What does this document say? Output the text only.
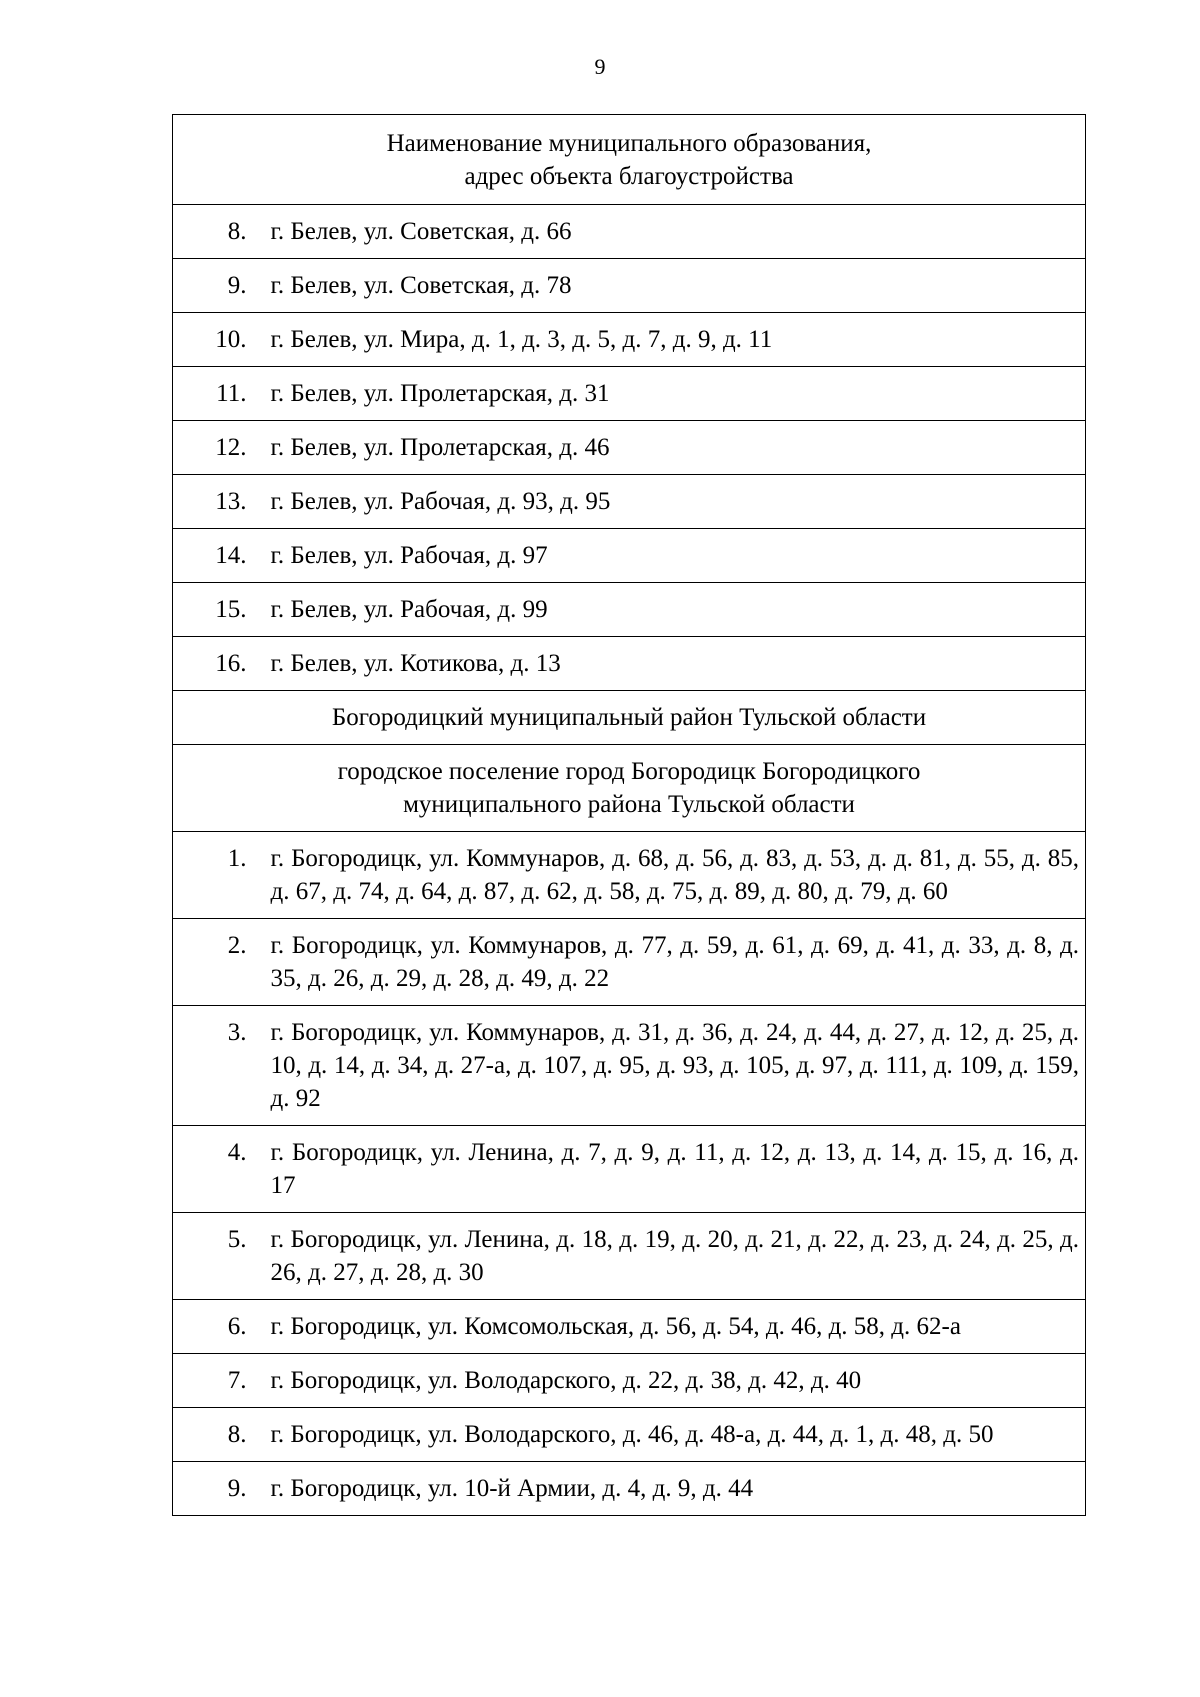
9
Наименование муниципального образования,
адрес объекта благоустройства	

8.	г. Белев, ул. Советская, д. 66
9.	г. Белев, ул. Советская, д. 78
10.	г. Белев, ул. Мира, д. 1, д. 3, д. 5, д. 7, д. 9, д. 11
11.	г. Белев, ул. Пролетарская, д. 31
12.	г. Белев, ул. Пролетарская, д. 46
13.	г. Белев, ул. Рабочая, д. 93, д. 95
14.	г. Белев, ул. Рабочая, д. 97
15.	г. Белев, ул. Рабочая, д. 99
16.	г. Белев, ул. Котикова, д. 13

Богородицкий муниципальный район Тульской области	

городское поселение город Богородицк Богородицкого
муниципального района Тульской области	

1.	г. Богородицк, ул. Коммунаров, д. 68, д. 56, д. 83, д. 53, д. д. 81, д. 55, д. 85, д. 67, д. 74, д. 64, д. 87, д. 62, д. 58, д. 75, д. 89, д. 80, д. 79, д. 60
2.	г. Богородицк, ул. Коммунаров, д. 77, д. 59, д. 61, д. 69, д. 41, д. 33, д. 8, д. 35, д. 26, д. 29, д. 28, д. 49, д. 22
3.	г. Богородицк, ул. Коммунаров, д. 31, д. 36, д. 24, д. 44, д. 27, д. 12, д. 25, д. 10, д. 14, д. 34, д. 27-а, д. 107, д. 95, д. 93, д. 105, д. 97, д. 111, д. 109, д. 159, д. 92
4.	г. Богородицк, ул. Ленина, д. 7, д. 9, д. 11, д. 12, д. 13, д. 14, д. 15, д. 16, д. 17
5.	г. Богородицк, ул. Ленина, д. 18, д. 19, д. 20, д. 21, д. 22, д. 23, д. 24, д. 25, д. 26, д. 27, д. 28, д. 30
6.	г. Богородицк, ул. Комсомольская, д. 56, д. 54, д. 46, д. 58, д. 62-а
7.	г. Богородицк, ул. Володарского, д. 22, д. 38, д. 42, д. 40
8.	г. Богородицк, ул. Володарского, д. 46, д. 48-а, д. 44, д. 1, д. 48, д. 50
9.	г. Богородицк, ул. 10-й Армии, д. 4, д. 9, д. 44
